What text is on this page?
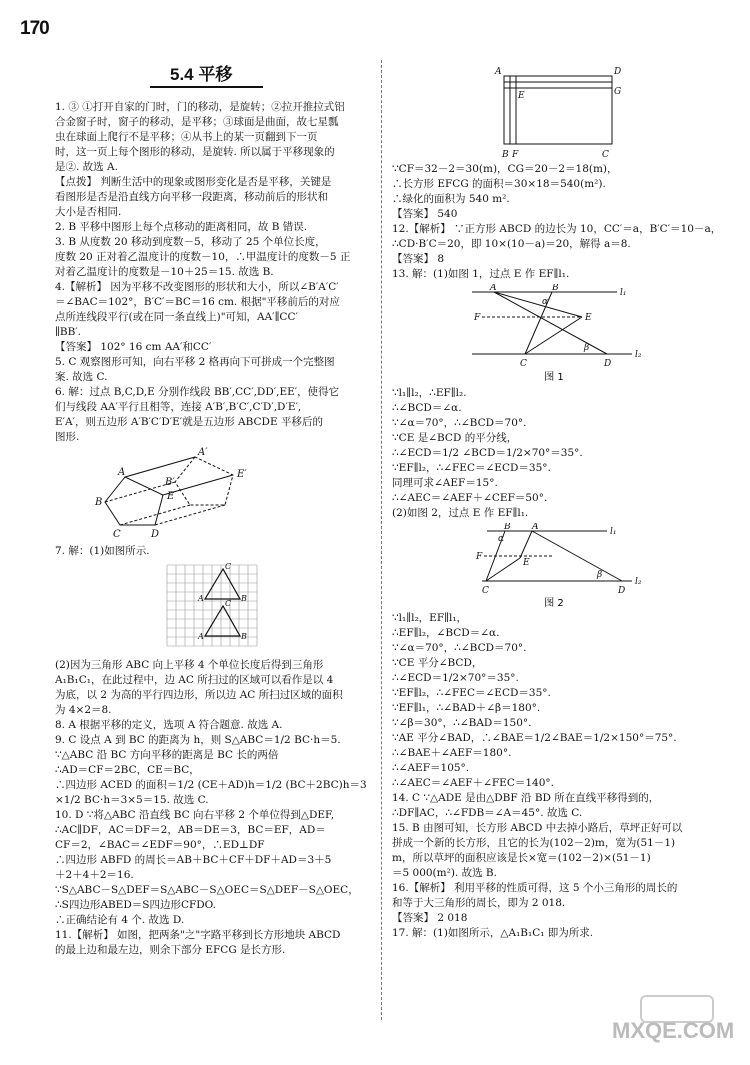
170
5.4 平移
1. ③ ①打开自家的门时，门的移动，是旋转；②拉开推拉式铝
合金窗子时，窗子的移动，是平移；③球面是曲面，故七星瓢
虫在球面上爬行不是平移；④从书上的某一页翻到下一页
时，这一页上每个图形的移动，是旋转. 所以属于平移现象的
是②. 故选 A.
【点拨】 判断生活中的现象或图形变化是否是平移，关键是
看图形是否是沿直线方向平移一段距离，移动前后的形状和
大小是否相同.
2. B 平移中图形上每个点移动的距离相同，故 B 错误.
3. B 从度数 20 移动到度数－5，移动了 25 个单位长度，
度数 20 正对着乙温度计的度数－10，∴甲温度计的度数－5 正
对着乙温度计的度数是－10＋25＝15. 故选 B.
4.【解析】 因为平移不改变图形的形状和大小，所以∠B′A′C′
＝∠BAC＝102°，B′C′＝BC＝16 cm. 根据"平移前后的对应
点所连线段平行(或在同一条直线上)"可知，AA′∥CC′
∥BB′.
【答案】 102° 16 cm AA′和CC′
5. C 观察图形可知，向右平移 2 格再向下可拼成一个完整图
案. 故选 C.
6. 解：过点 B,C,D,E 分别作线段 BB′,CC′,DD′,EE′，使得它
们与线段 AA′平行且相等，连接 A′B′,B′C′,C′D′,D′E′,
E′A′，则五边形 A′B′C′D′E′就是五边形 ABCDE 平移后的
图形.
A
A′
B
B′
C	D
E
E′
7. 解：(1)如图所示.
C
A	B
C
A	B
(2)因为三角形 ABC 向上平移 4 个单位长度后得到三角形
A₁B₁C₁，在此过程中，边 AC 所扫过的区域可以看作是以 4
为底，以 2 为高的平行四边形，所以边 AC 所扫过区域的面积
为 4×2＝8.
8. A 根据平移的定义，选项 A 符合题意. 故选 A.
9. C 设点 A 到 BC 的距离为 h，则 S△ABC＝1/2 BC·h＝5.
∵△ABC 沿 BC 方向平移的距离是 BC 长的两倍
∴AD＝CF＝2BC，CE＝BC，
∴四边形 ACED 的面积＝1/2 (CE＋AD)h＝1/2 (BC＋2BC)h＝3
×1/2 BC·h＝3×5＝15. 故选 C.
10. D ∵将△ABC 沿直线 BC 向右平移 2 个单位得到△DEF,
∴AC∥DF，AC＝DF＝2，AB＝DE＝3，BC＝EF，AD＝
CF＝2，∠BAC＝∠EDF＝90°，∴ED⊥DF
∴四边形 ABFD 的周长＝AB＋BC＋CF＋DF＋AD＝3＋5
＋2＋4＋2＝16.
∵S△ABC－S△DEF＝S△ABC－S△OEC＝S△DEF－S△OEC，
∴S四边形ABED＝S四边形CFDO.
∴正确结论有 4 个. 故选 D.
11.【解析】 如图，把两条"之"字路平移到长方形地块 ABCD
的最上边和最左边，则余下部分 EFCG 是长方形.
A	D
E	G
B F	C
∵CF＝32－2＝30(m)，CG＝20－2＝18(m)，
∴长方形 EFCG 的面积＝30×18＝540(m²).
∴绿化的面积为 540 m².
【答案】 540
12.【解析】 ∵正方形 ABCD 的边长为 10，CC′＝a，B′C′＝10－a，
∴CD·B′C＝20，即 10×(10－a)＝20，解得 a＝8.
【答案】 8
13. 解：(1)如图 1，过点 E 作 EF∥l₁.
A	B
α
F	E
β
C	D
l₁
l₂
图 1
∵l₁∥l₂，∴EF∥l₂.
∴∠BCD＝∠α.
∵∠α＝70°，∴∠BCD＝70°.
∵CE 是∠BCD 的平分线，
∴∠ECD＝1/2 ∠BCD＝1/2×70°＝35°.
∵EF∥l₂，∴∠FEC＝∠ECD＝35°.
同理可求∠AEF＝15°.
∴∠AEC＝∠AEF＋∠CEF＝50°.
(2)如图 2，过点 E 作 EF∥l₁.
B A
α
F
E
β
C	D
l₁
l₂
图 2
∵l₁∥l₂，EF∥l₁，
∴EF∥l₂，∠BCD＝∠α.
∵∠α＝70°，∴∠BCD＝70°.
∵CE 平分∠BCD，
∴∠ECD＝1/2×70°＝35°.
∵EF∥l₂，∴∠FEC＝∠ECD＝35°.
∵EF∥l₁，∴∠BAD＋∠β＝180°.
∵∠β＝30°，∴∠BAD＝150°.
∵AE 平分∠BAD，∴∠BAE＝1/2∠BAE＝1/2×150°＝75°.
∴∠BAE＋∠AEF＝180°.
∴∠AEF＝105°.
∴∠AEC＝∠AEF＋∠FEC＝140°.
14. C ∵△ADE 是由△DBF 沿 BD 所在直线平移得到的，
∴DF∥AC，∴∠FDB＝∠A＝45°. 故选 C.
15. B 由图可知，长方形 ABCD 中去掉小路后，草坪正好可以
拼成一个新的长方形，且它的长为(102－2)m，宽为(51－1)
m，所以草坪的面积应该是长×宽＝(102－2)×(51－1)
＝5 000(m²). 故选 B.
16.【解析】 利用平移的性质可得，这 5 个小三角形的周长的
和等于大三角形的周长，即为 2 018.
【答案】 2 018
17. 解：(1)如图所示，△A₁B₁C₁ 即为所求.
MXQE.COM
